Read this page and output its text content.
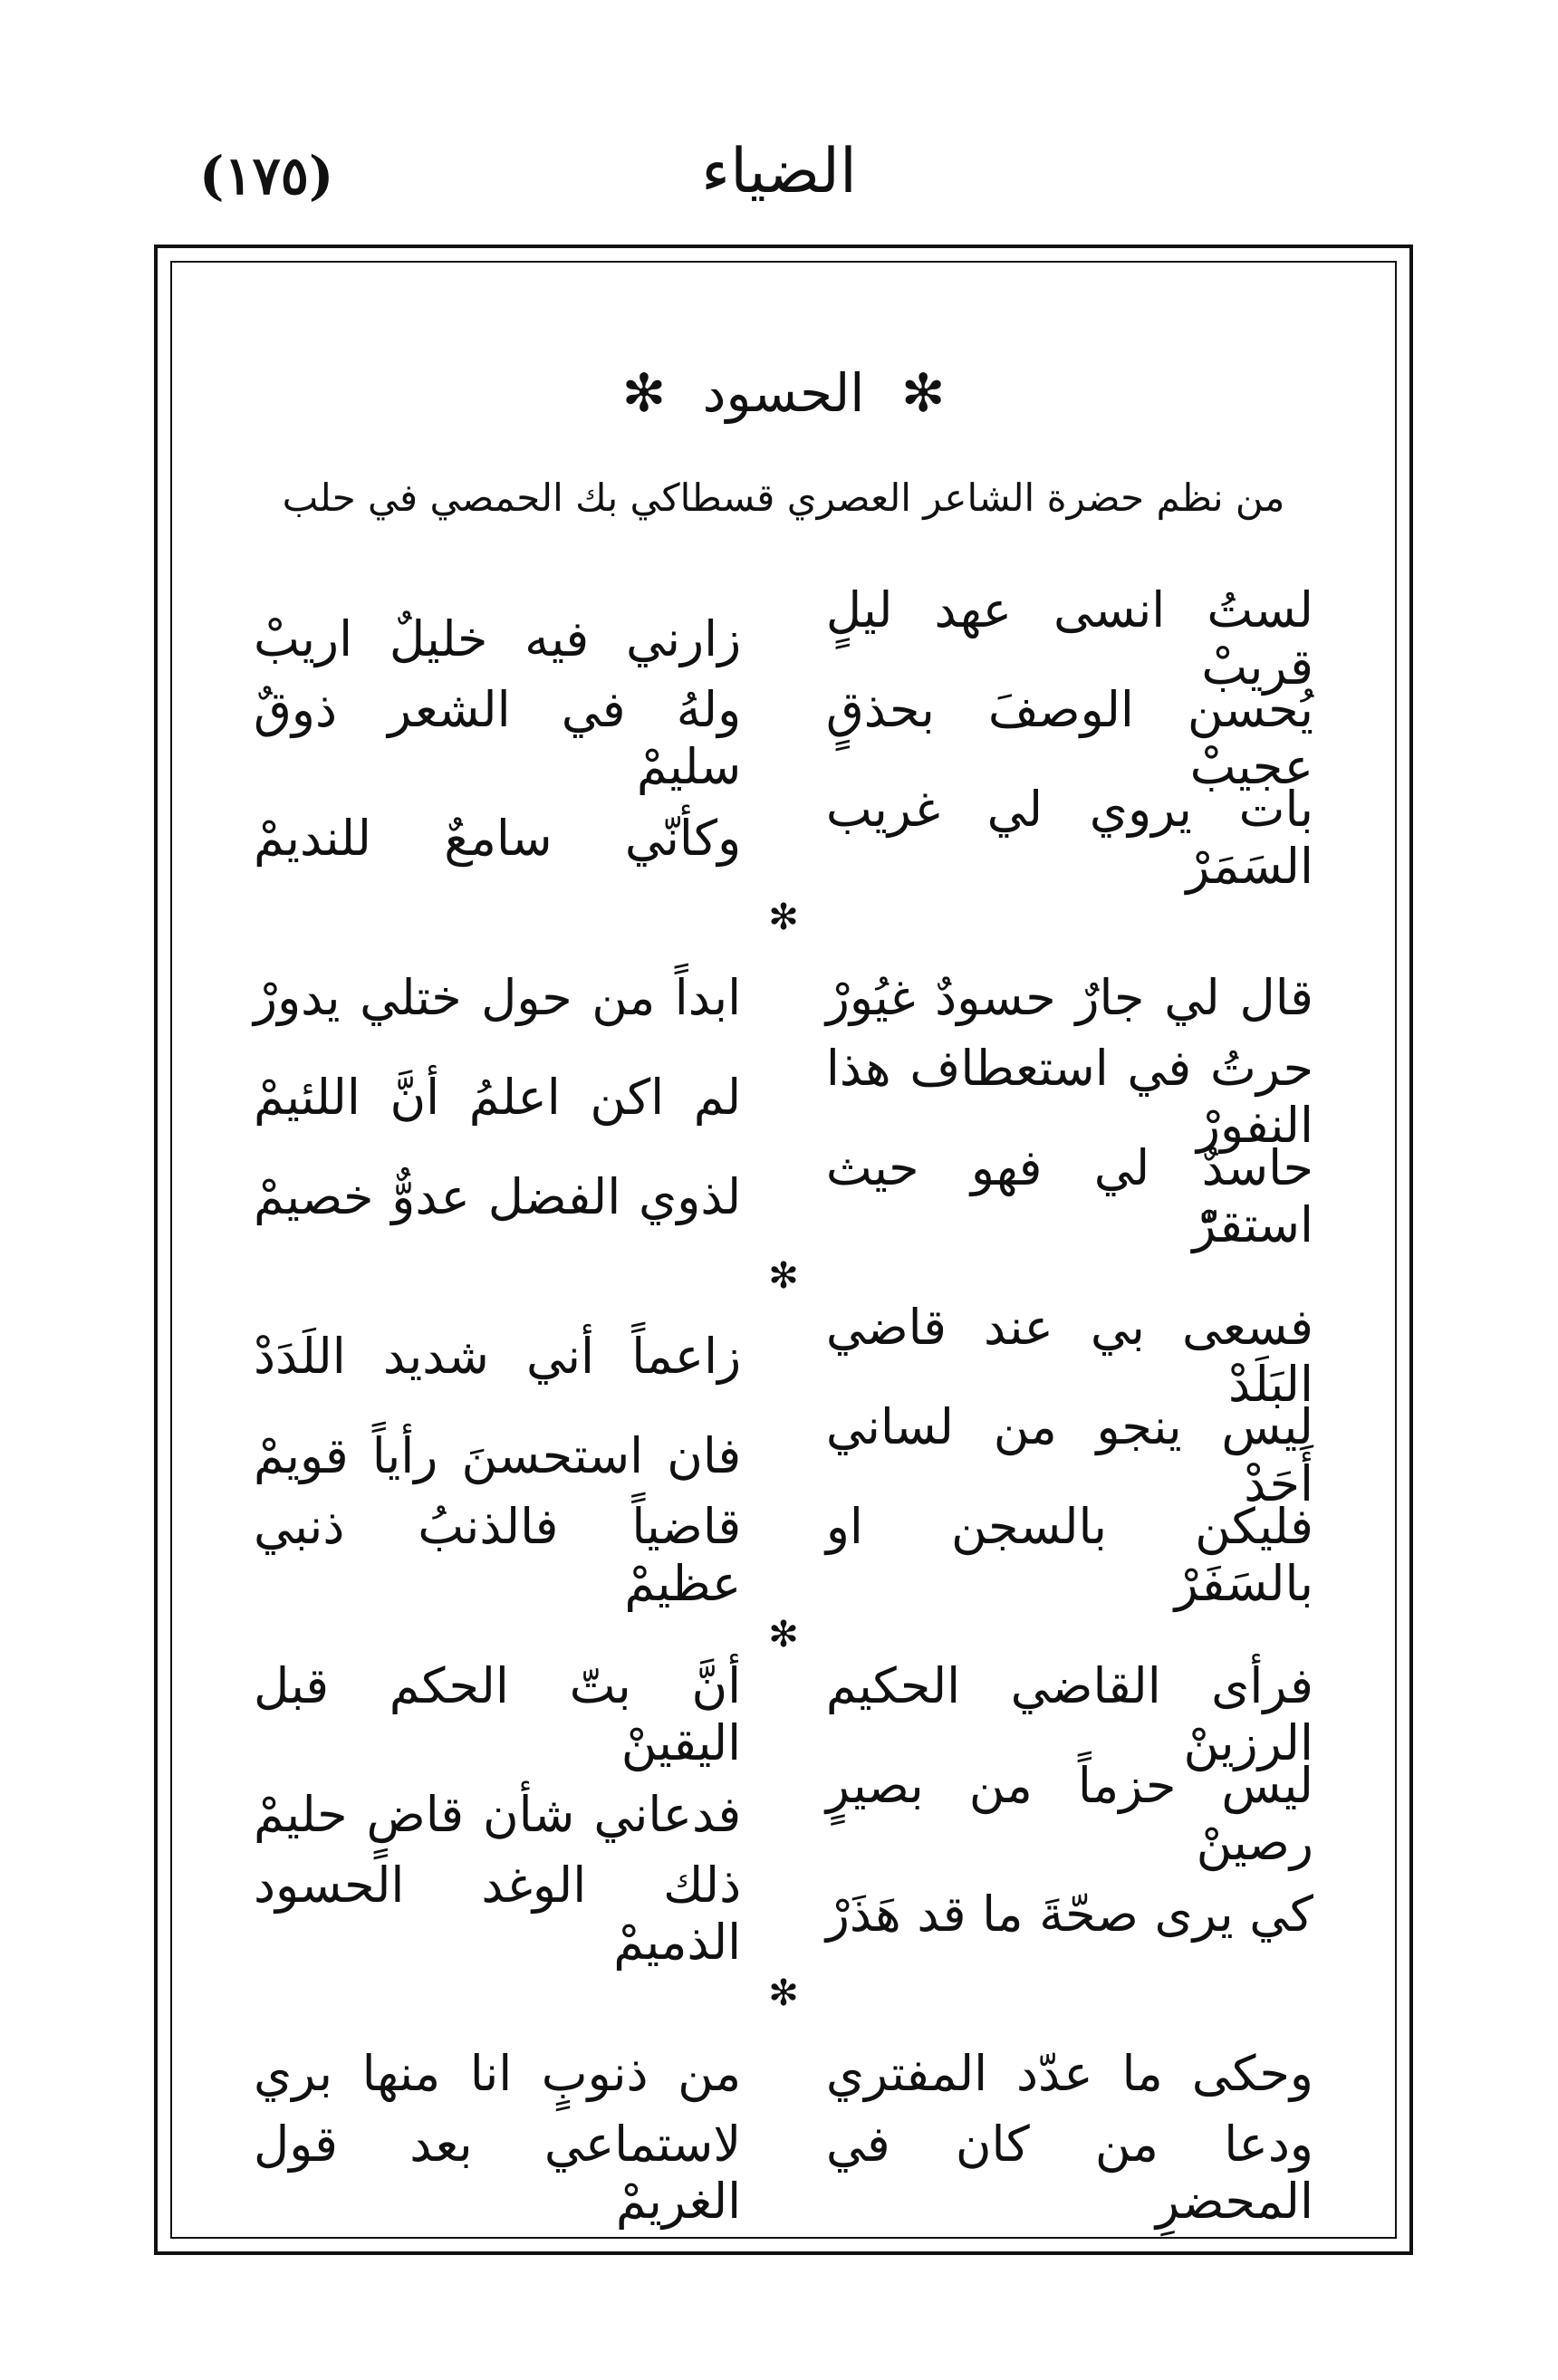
(١٧٥)	الضياء
✻ الحسود ✻
من نظم حضرة الشاعر العصري قسطاكي بك الحمصي في حلب
لستُ انسى عهد ليلٍ قريبْ
زارني فيه خليلٌ اريبْ
يُحسن الوصفَ بحذقٍ عجيبْ
ولهُ في الشعر ذوقٌ سليمْ
بات يروي لي غريب السَمَرْ
وكأنّي سامعٌ للنديمْ
✻
قال لي جارٌ حسودٌ غيُورْ
ابداً من حول ختلي يدورْ
حرتُ في استعطاف هذا النفورْ
لم اكن اعلمُ أنَّ اللئيمْ
حاسدٌ لي فهو حيث استقرّْ
لذوي الفضل عدوٌّ خصيمْ
✻
فسعى بي عند قاضي البَلَدْ
زاعماً أني شديد اللَدَدْ
ليس ينجو من لساني أَحَدْ
فان استحسنَ رأياً قويمْ
فليكن بالسجن او بالسَفَرْ
قاضياً فالذنبُ ذنبي عظيمْ
✻
فرأى القاضي الحكيم الرزينْ
أنَّ بتّ الحكم قبل اليقينْ
ليس حزماً من بصيرٍ رصينْ
فدعاني شأن قاضٍ حليمْ
كي يرى صحّةَ ما قد هَذَرْ
ذلك الوغد الحسود الذميمْ
✻
وحكى ما عدّد المفتري
من ذنوبٍ انا منها بري
ودعا من كان في المحضرِ
لاستماعي بعد قول الغريمْ
